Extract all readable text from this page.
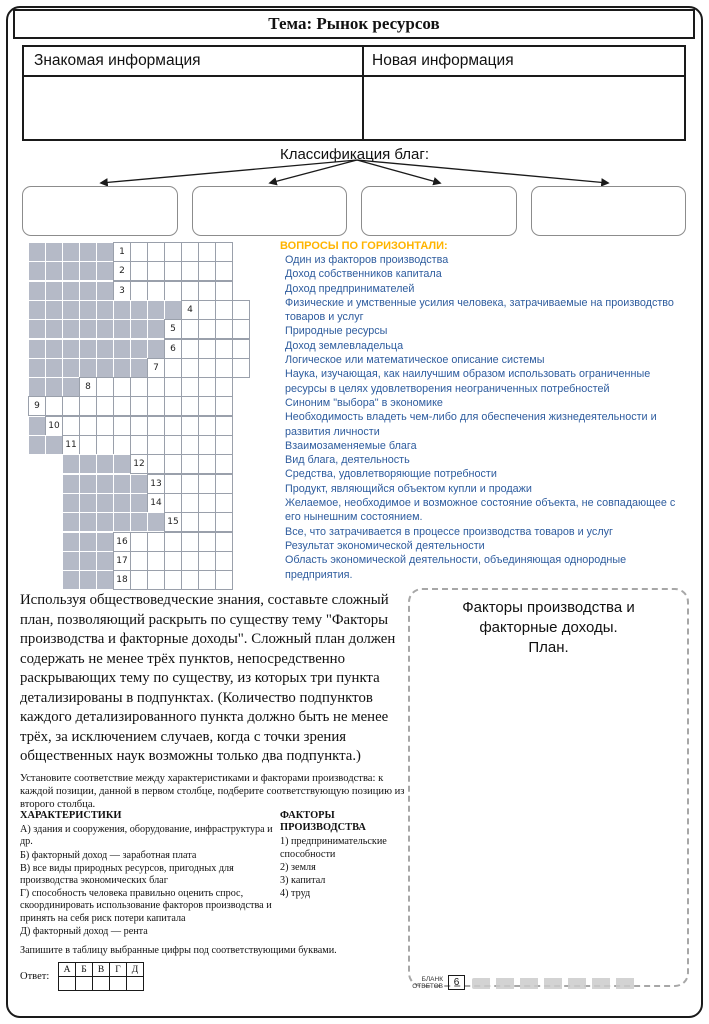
Тема: Рынок ресурсов
Знакомая информация	Новая информация
Классификация благ:
1
2
3
4
5
6
7
8
9
10
11
12
13
14
15
16
17
18

ВОПРОСЫ ПО ГОРИЗОНТАЛИ:

Один из факторов производства

Доход собственников капитала

Доход предпринимателей

Физические и умственные усилия человека, затрачиваемые на производство товаров и услуг

Природные ресурсы

Доход землевладельца

Логическое или математическое описание системы

Наука, изучающая, как наилучшим образом использовать ограниченные ресурсы в целях удовлетворения неограниченных потребностей

Синоним "выбора" в экономике

Необходимость владеть чем-либо для обеспечения жизнедеятельности и развития личности

Взаимозаменяемые блага

Вид блага, деятельность

Средства, удовлетворяющие потребности

Продукт, являющийся объектом купли и продажи

Желаемое, необходимое и возможное состояние объекта, не совпадающее с его нынешним состоянием.

Все, что затрачивается в процессе производства товаров и услуг

Результат экономической деятельности

Область экономической деятельности, объединяющая однородные предприятия.

Используя обществоведческие знания, составьте сложный план, позволяющий раскрыть по существу тему "Факторы производства и факторные доходы". Сложный план должен содержать не менее трёх пунктов, непосредственно раскрывающих тему по существу, из которых три пункта детализированы в подпунктах. (Количество подпунктов каждого детализированного пункта должно быть не менее трёх, за исключением случаев, когда с точки зрения общественных наук возможны только два подпункта.)

Факторы производства и факторные доходы.

План.

Установите соответствие между характеристиками и факторами производства: к каждой позиции, данной в первом столбце, подберите соответствующую позицию из второго столбца.

ХАРАКТЕРИСТИКИ

А) здания и сооружения, оборудование, инфраструктура и др.

Б) факторный доход — заработная плата

В) все виды природных ресурсов, пригодных для производства экономических благ

Г) способность человека правильно оценить спрос, скоординировать использование факторов производства и принять на себя риск потери капитала

Д) факторный доход — рента

ФАКТОРЫ ПРОИЗВОДСТВА

1) предпринимательские способности

2) земля

3) капитал

4) труд

Запишите в таблицу выбранные цифры под соответствующими буквами.
Ответ:
А	Б	В	Г	Д
БЛАНК ОТВЕТОВ	6
